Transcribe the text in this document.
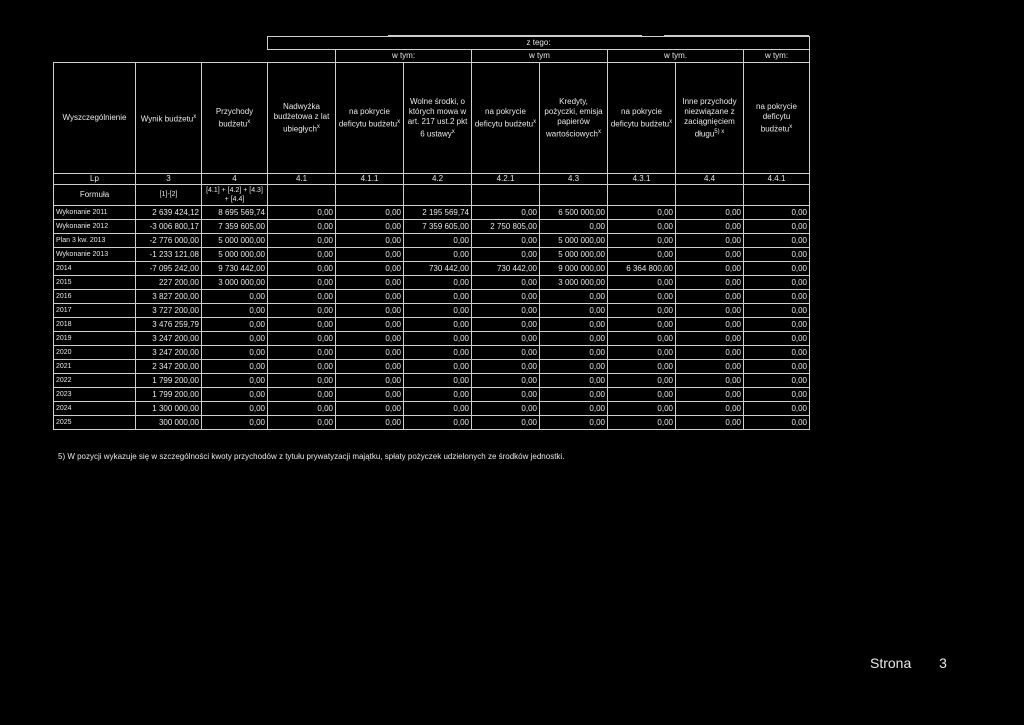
			z tego:							
				w tym:		w tym		w tym.		w tym:
Wyszczególnienie	Wynik budżetu$^x$	Przychody budżetu$^x$	Nadwyżka budżetowa z lat ubiegłych$^x$	na pokrycie deficytu budżetu$^x$	Wolne środki, o których mowa w art. 217 ust.2 pkt 6 ustawy$^x$	na pokrycie deficytu budżetu$^x$	Kredyty, pożyczki, emisja papierów wartościowych$^x$	na pokrycie deficytu budżetu$^x$	Inne przychody niezwiązane z zaciągnięciem długu$^{5) x}$	na pokrycie deficytu budżetu$^x$
Lp	3	4	4.1	4.1.1	4.2	4.2.1	4.3	4.3.1	4.4	4.4.1
Formuła	[1]-[2]	[4.1] + [4.2] + [4.3]
+ [4.4]								

Wykonanie 2011	2 639 424,12	8 695 569,74	0,00	0,00	2 195 569,74	0,00	6 500 000,00	0,00	0,00	0,00
Wykonanie 2012	-3 006 800,17	7 359 605,00	0,00	0,00	7 359 605,00	2 750 805,00	0,00	0,00	0,00	0,00
Plan 3 kw. 2013	-2 776 000,00	5 000 000,00	0,00	0,00	0,00	0,00	5 000 000,00	0,00	0,00	0,00
Wykonanie 2013	-1 233 121,08	5 000 000,00	0,00	0,00	0,00	0,00	5 000 000,00	0,00	0,00	0,00
2014	-7 095 242,00	9 730 442,00	0,00	0,00	730 442,00	730 442,00	9 000 000,00	6 364 800,00	0,00	0,00
2015	227 200,00	3 000 000,00	0,00	0,00	0,00	0,00	3 000 000,00	0,00	0,00	0,00
2016	3 827 200,00	0,00	0,00	0,00	0,00	0,00	0,00	0,00	0,00	0,00
2017	3 727 200,00	0,00	0,00	0,00	0,00	0,00	0,00	0,00	0,00	0,00
2018	3 476 259,79	0,00	0,00	0,00	0,00	0,00	0,00	0,00	0,00	0,00
2019	3 247 200,00	0,00	0,00	0,00	0,00	0,00	0,00	0,00	0,00	0,00
2020	3 247 200,00	0,00	0,00	0,00	0,00	0,00	0,00	0,00	0,00	0,00
2021	2 347 200,00	0,00	0,00	0,00	0,00	0,00	0,00	0,00	0,00	0,00
2022	1 799 200,00	0,00	0,00	0,00	0,00	0,00	0,00	0,00	0,00	0,00
2023	1 799 200,00	0,00	0,00	0,00	0,00	0,00	0,00	0,00	0,00	0,00
2024	1 300 000,00	0,00	0,00	0,00	0,00	0,00	0,00	0,00	0,00	0,00
2025	300 000,00	0,00	0,00	0,00	0,00	0,00	0,00	0,00	0,00	0,00
5) W pozycji wykazuje się w szczególności kwoty przychodów z tytułu prywatyzacji majątku, spłaty pożyczek udzielonych ze środków jednostki.
Strona 3
